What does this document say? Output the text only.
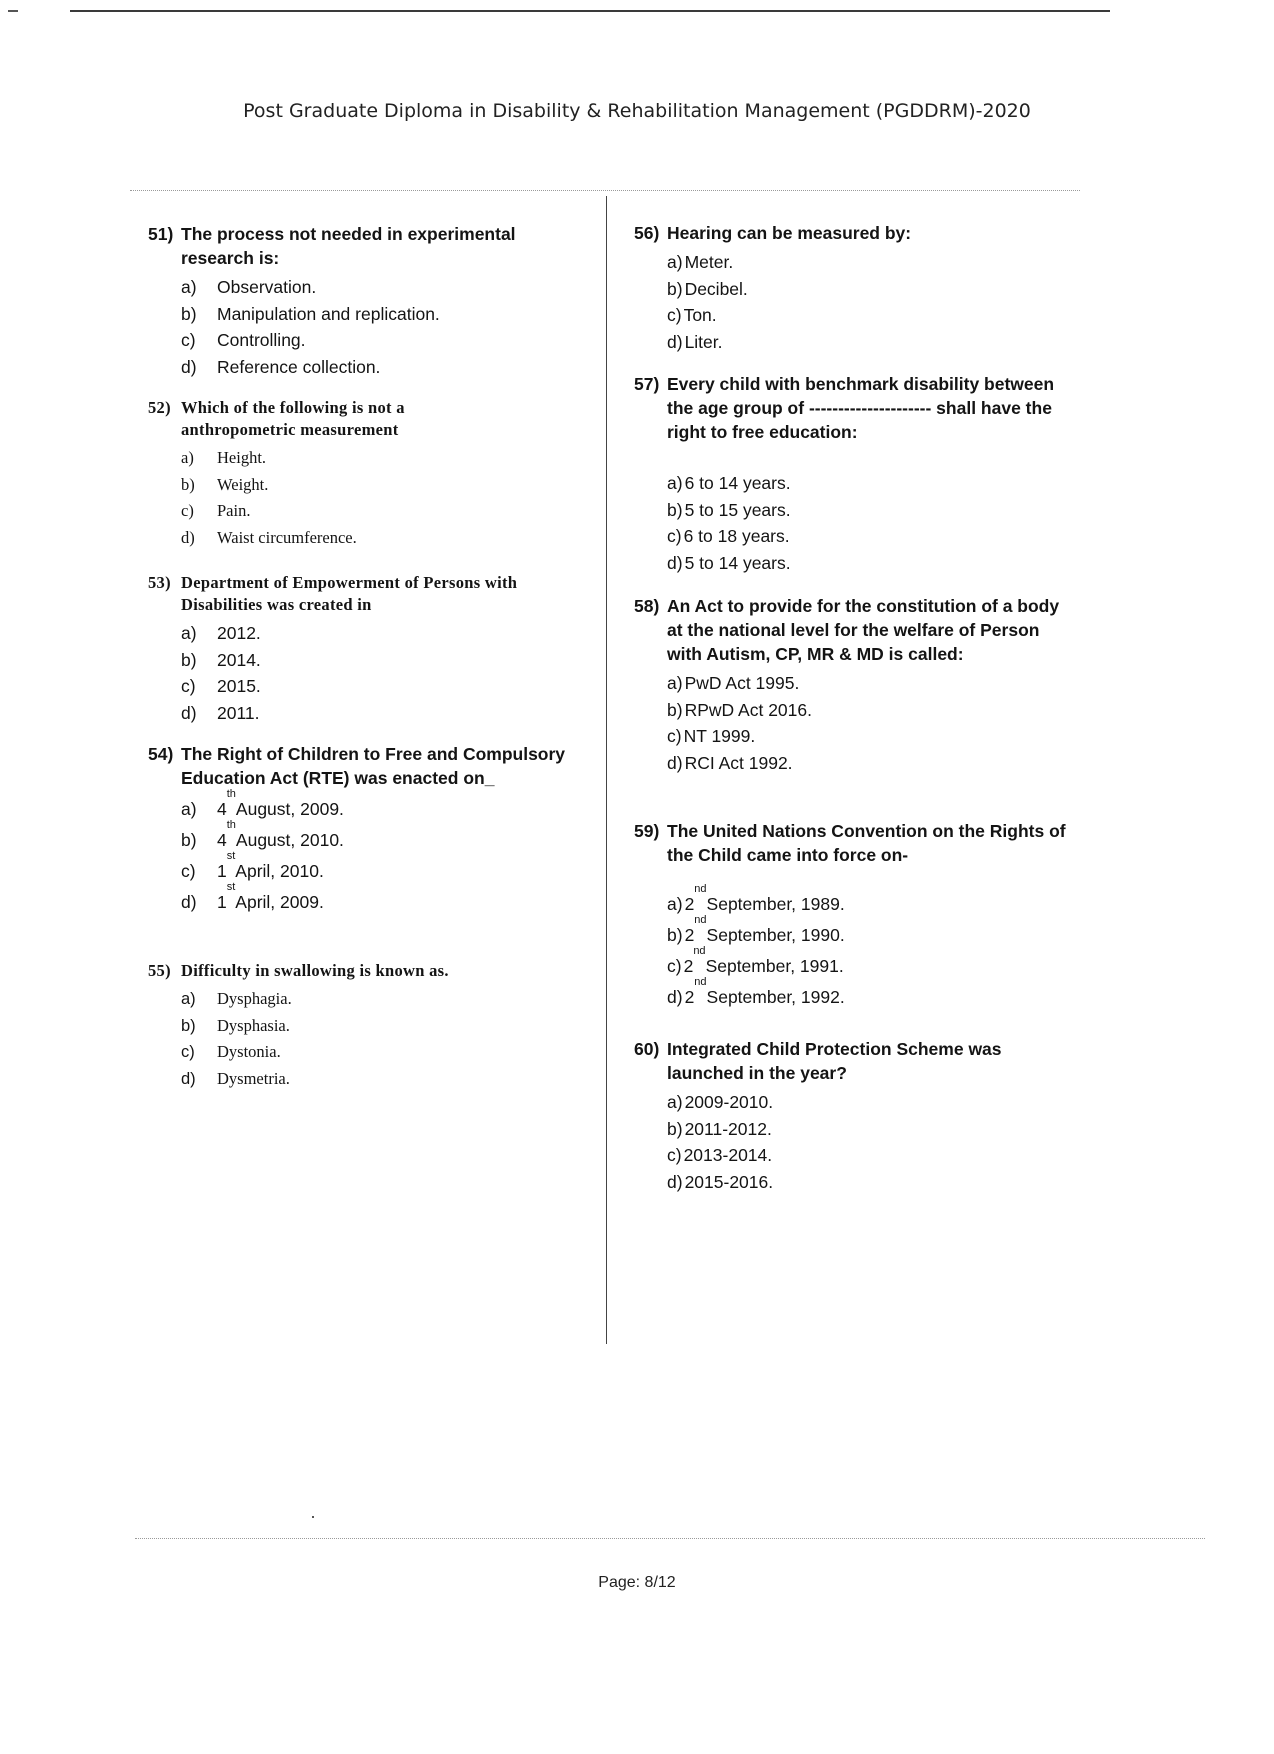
Post Graduate Diploma in Disability & Rehabilitation Management (PGDDRM)-2020
51) The process not needed in experimental research is:
a)	Observation.
b)	Manipulation and replication.
c)	Controlling.
d)	Reference collection.
52) Which of the following is not a anthropometric measurement
a)	Height.
b)	Weight.
c)	Pain.
d)	Waist circumference.
53) Department of Empowerment of Persons with Disabilities was created in
a)	2012.
b)	2014.
c)	2015.
d)	2011.
54) The Right of Children to Free and Compulsory Education Act (RTE) was enacted on_
a)	4
th
August, 2009.
b)	4
th
August, 2010.
c)	1
st
April, 2010.
d)	1
st
April, 2009.
55) Difficulty in swallowing is known as.
a)	Dysphagia.
b)	Dysphasia.
c)	Dystonia.
d)	Dysmetria.
56) Hearing can be measured by:
a) Meter.
b) Decibel.
c) Ton.
d) Liter.
57) Every child with benchmark disability between the age group of --------------------- shall have the right to free education:
a) 6 to 14 years.
b) 5 to 15 years.
c) 6 to 18 years.
d) 5 to 14 years.
58) An Act to provide for the constitution of a body at the national level for the welfare of Person with Autism, CP, MR & MD is called:
a) PwD Act 1995.
b) RPwD Act 2016.
c) NT 1999.
d) RCI Act 1992.
59) The United Nations Convention on the Rights of the Child came into force on-
a) 2
nd
September, 1989.
b) 2
nd
September, 1990.
c) 2
nd
September, 1991.
d) 2
nd
September, 1992.
60) Integrated Child Protection Scheme was launched in the year?
a) 2009-2010.
b) 2011-2012.
c) 2013-2014.
d) 2015-2016.
Page: 8/12
